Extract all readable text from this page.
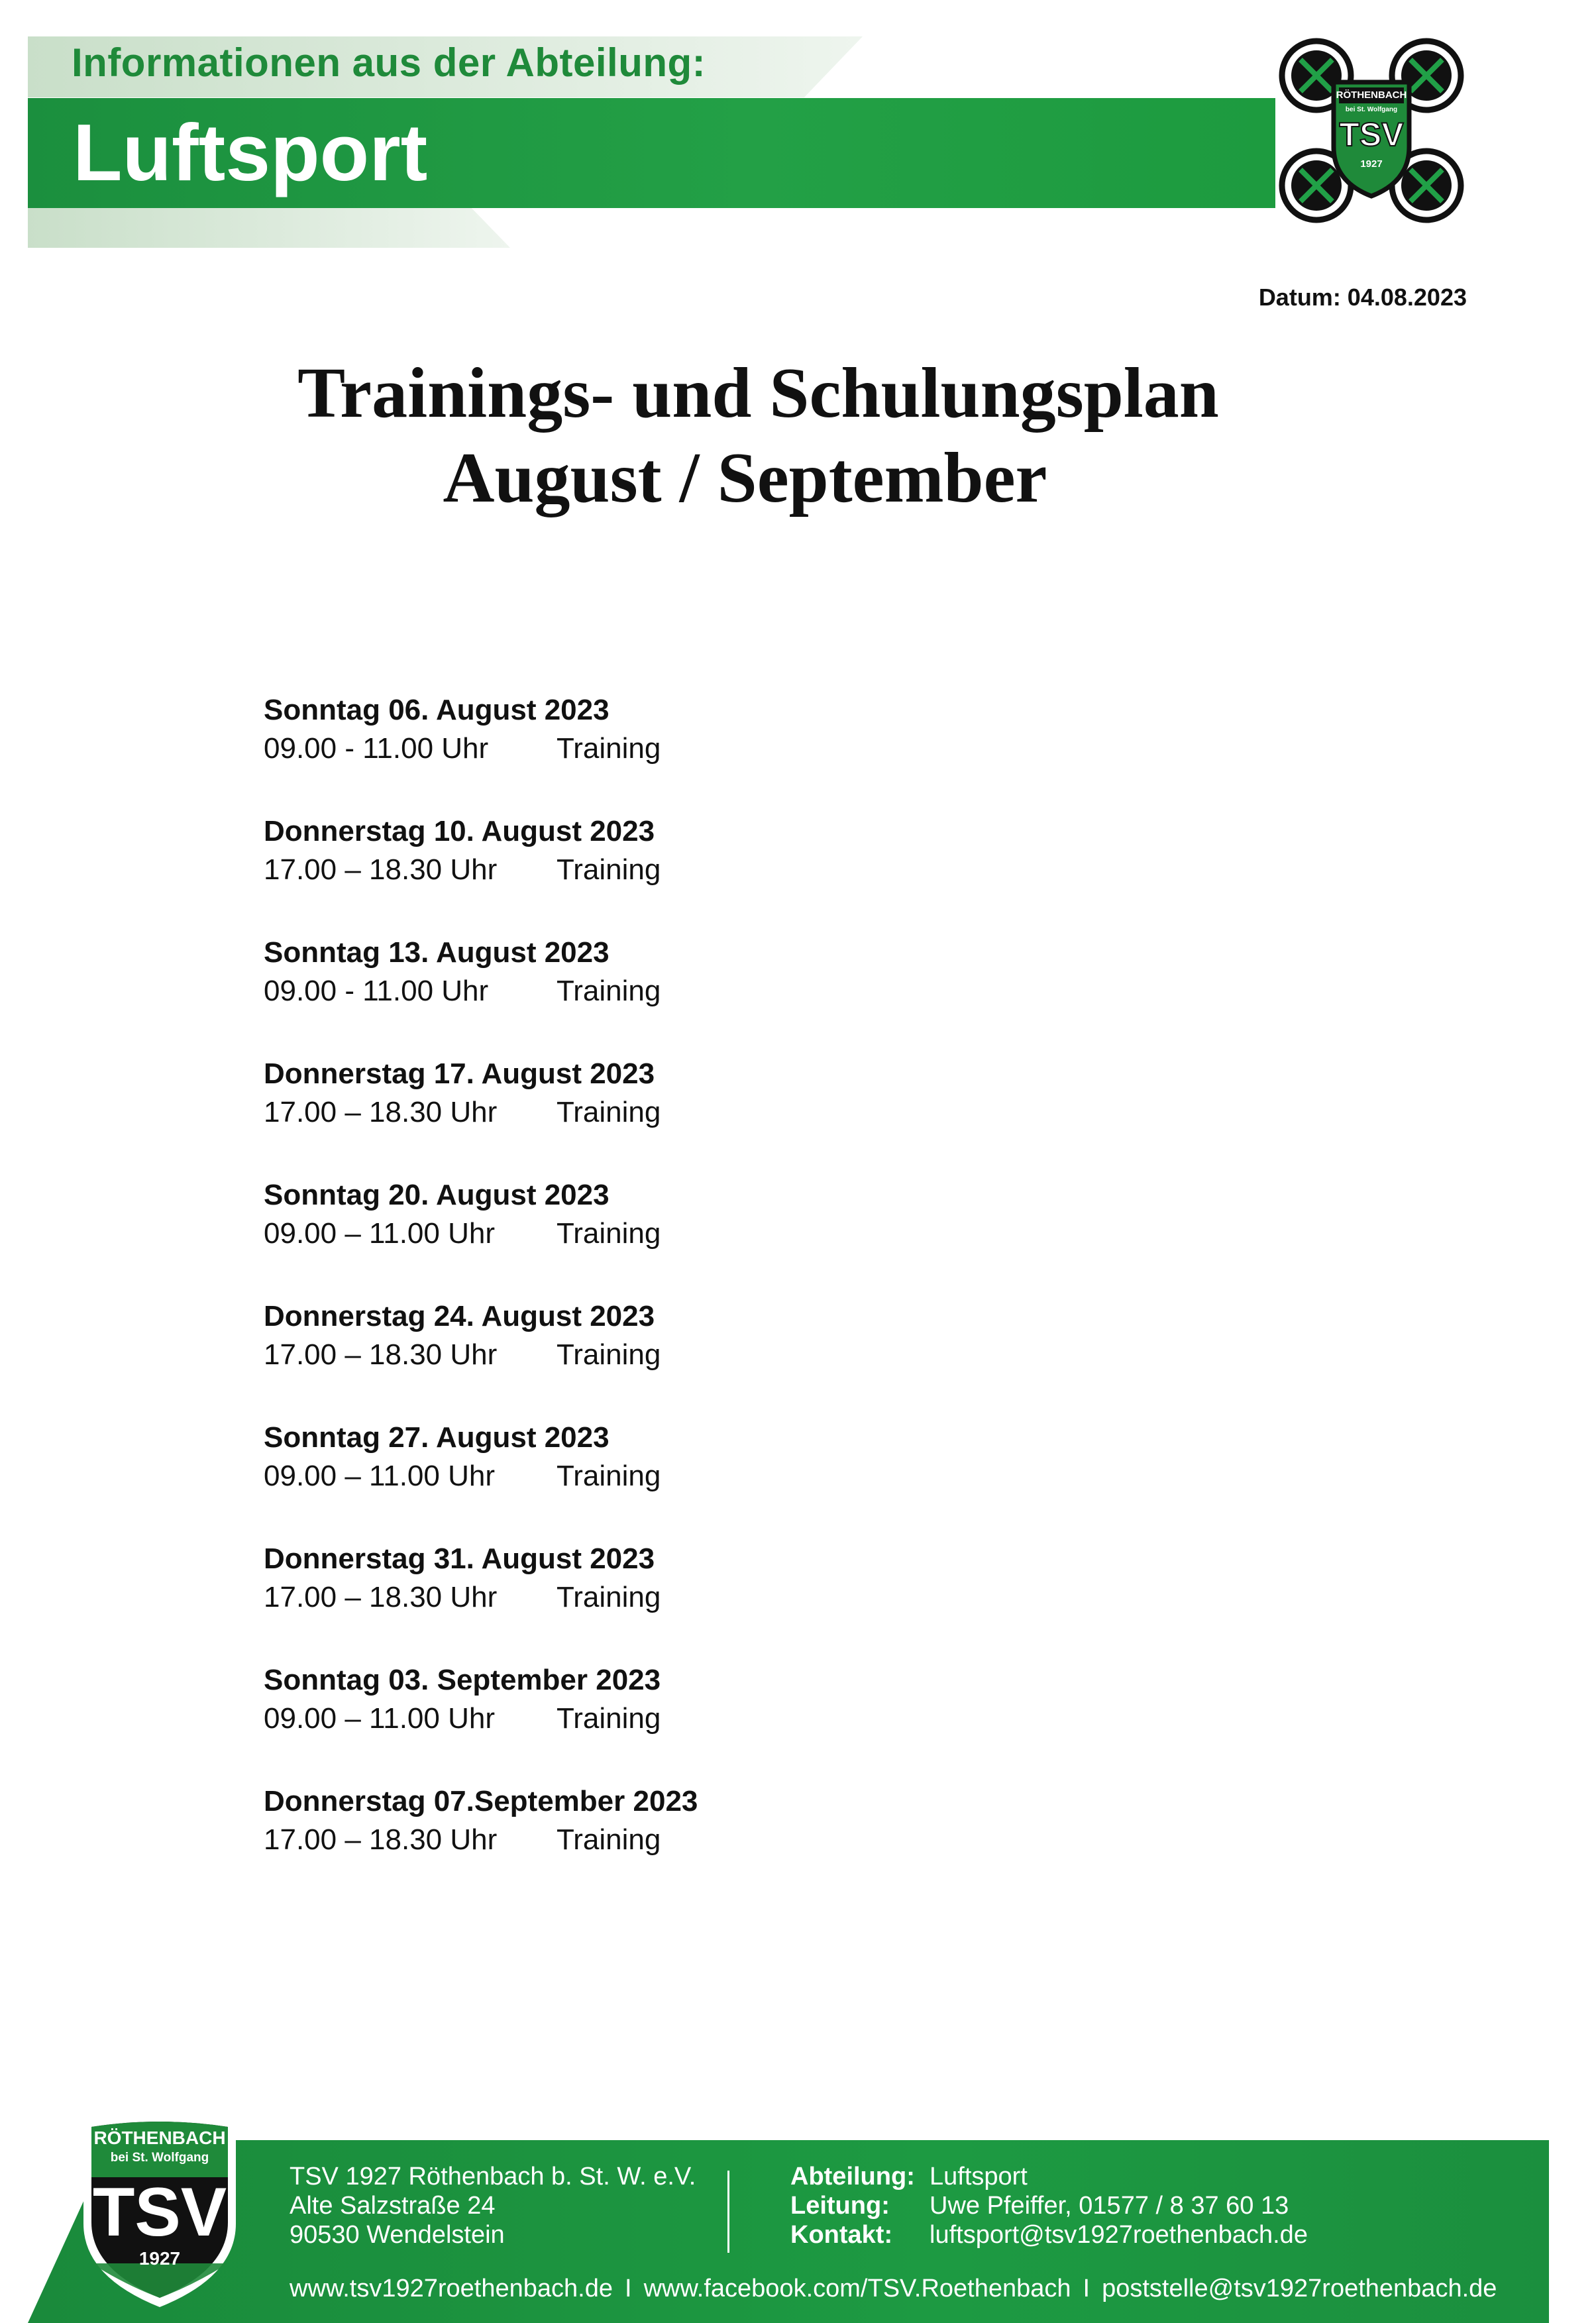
Informationen aus der Abteilung:
Luftsport
RÖTHENBACH
bei St. Wolfgang
TSV
1927
Datum: 04.08.2023
Trainings- und Schulungsplan
August / September
Sonntag 06. August 2023
09.00 - 11.00 Uhr Training
Donnerstag 10. August 2023
17.00 – 18.30 Uhr Training
Sonntag 13. August 2023
09.00 - 11.00 Uhr Training
Donnerstag 17. August 2023
17.00 – 18.30 Uhr Training
Sonntag 20. August 2023
09.00 – 11.00 Uhr Training
Donnerstag 24. August 2023
17.00 – 18.30 Uhr Training
Sonntag 27. August 2023
09.00 – 11.00 Uhr Training
Donnerstag 31. August 2023
17.00 – 18.30 Uhr Training
Sonntag 03. September 2023
09.00 – 11.00 Uhr Training
Donnerstag 07.September 2023
17.00 – 18.30 Uhr Training
RÖTHENBACH
bei St. Wolfgang
TSV
1927
TSV 1927 Röthenbach b. St. W. e.V.
Alte Salzstraße 24
90530 Wendelstein
Abteilung: Luftsport
Leitung: Uwe Pfeiffer, 01577 / 8 37 60 13
Kontakt: luftsport@tsv1927roethenbach.de
www.tsv1927roethenbach.de I www.facebook.com/TSV.Roethenbach I poststelle@tsv1927roethenbach.de
